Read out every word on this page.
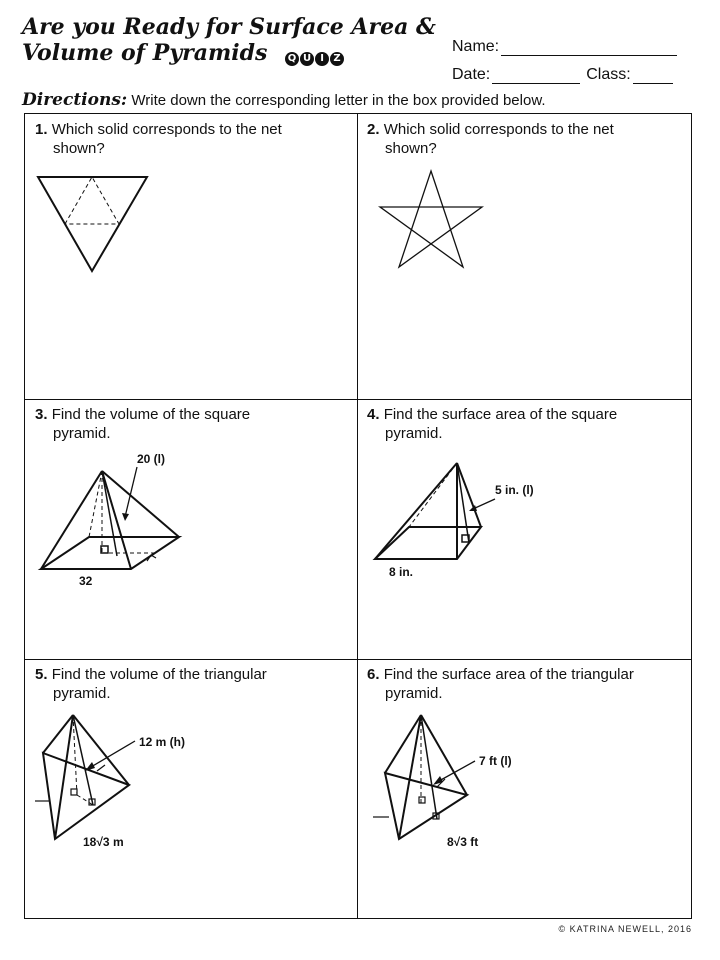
Are you Ready for Surface Area &
Volume of Pyramids Q U I Z
Name:
Date:	Class:
Directions: Write down the corresponding letter in the box provided below.
1. Which solid corresponds to the net
shown?
2. Which solid corresponds to the net
shown?
3. Find the volume of the square
pyramid.
20 (l)
32
4. Find the surface area of the square
pyramid.
5 in. (l)
8 in.
5. Find the volume of the triangular
pyramid.
12 m (h)
18√3 m
6. Find the surface area of the triangular
pyramid.
7 ft (l)
8√3 ft
© KATRINA NEWELL, 2016
